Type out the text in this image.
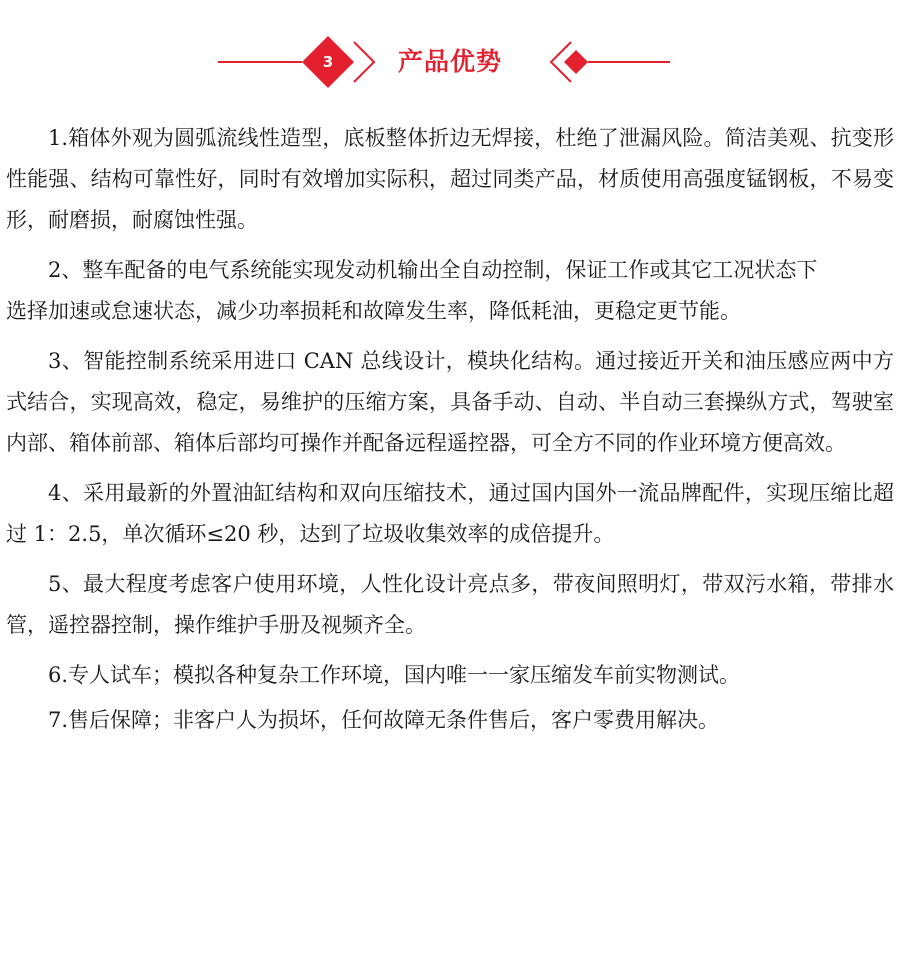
3	产品优势

1.箱体外观为圆弧流线性造型，底板整体折边无焊接，杜绝了泄漏风险。简洁美观、抗变形性能强、结构可靠性好，同时有效增加实际积，超过同类产品，材质使用高强度锰钢板，不易变形，耐磨损，耐腐蚀性强。

2、整车配备的电气系统能实现发动机输出全自动控制，保证工作或其它工况状态下

选择加速或怠速状态，减少功率损耗和故障发生率，降低耗油，更稳定更节能。

3、智能控制系统采用进口 CAN 总线设计，模块化结构。通过接近开关和油压感应两中方式结合，实现高效，稳定，易维护的压缩方案，具备手动、自动、半自动三套操纵方式，驾驶室内部、箱体前部、箱体后部均可操作并配备远程遥控器，可全方不同的作业环境方便高效。

4、采用最新的外置油缸结构和双向压缩技术，通过国内国外一流品牌配件，实现压缩比超过 1：2.5，单次循环≤20 秒，达到了垃圾收集效率的成倍提升。

5、最大程度考虑客户使用环境，人性化设计亮点多，带夜间照明灯，带双污水箱，带排水管，遥控器控制，操作维护手册及视频齐全。

6.专人试车；模拟各种复杂工作环境，国内唯一一家压缩发车前实物测试。

7.售后保障；非客户人为损坏，任何故障无条件售后，客户零费用解决。
